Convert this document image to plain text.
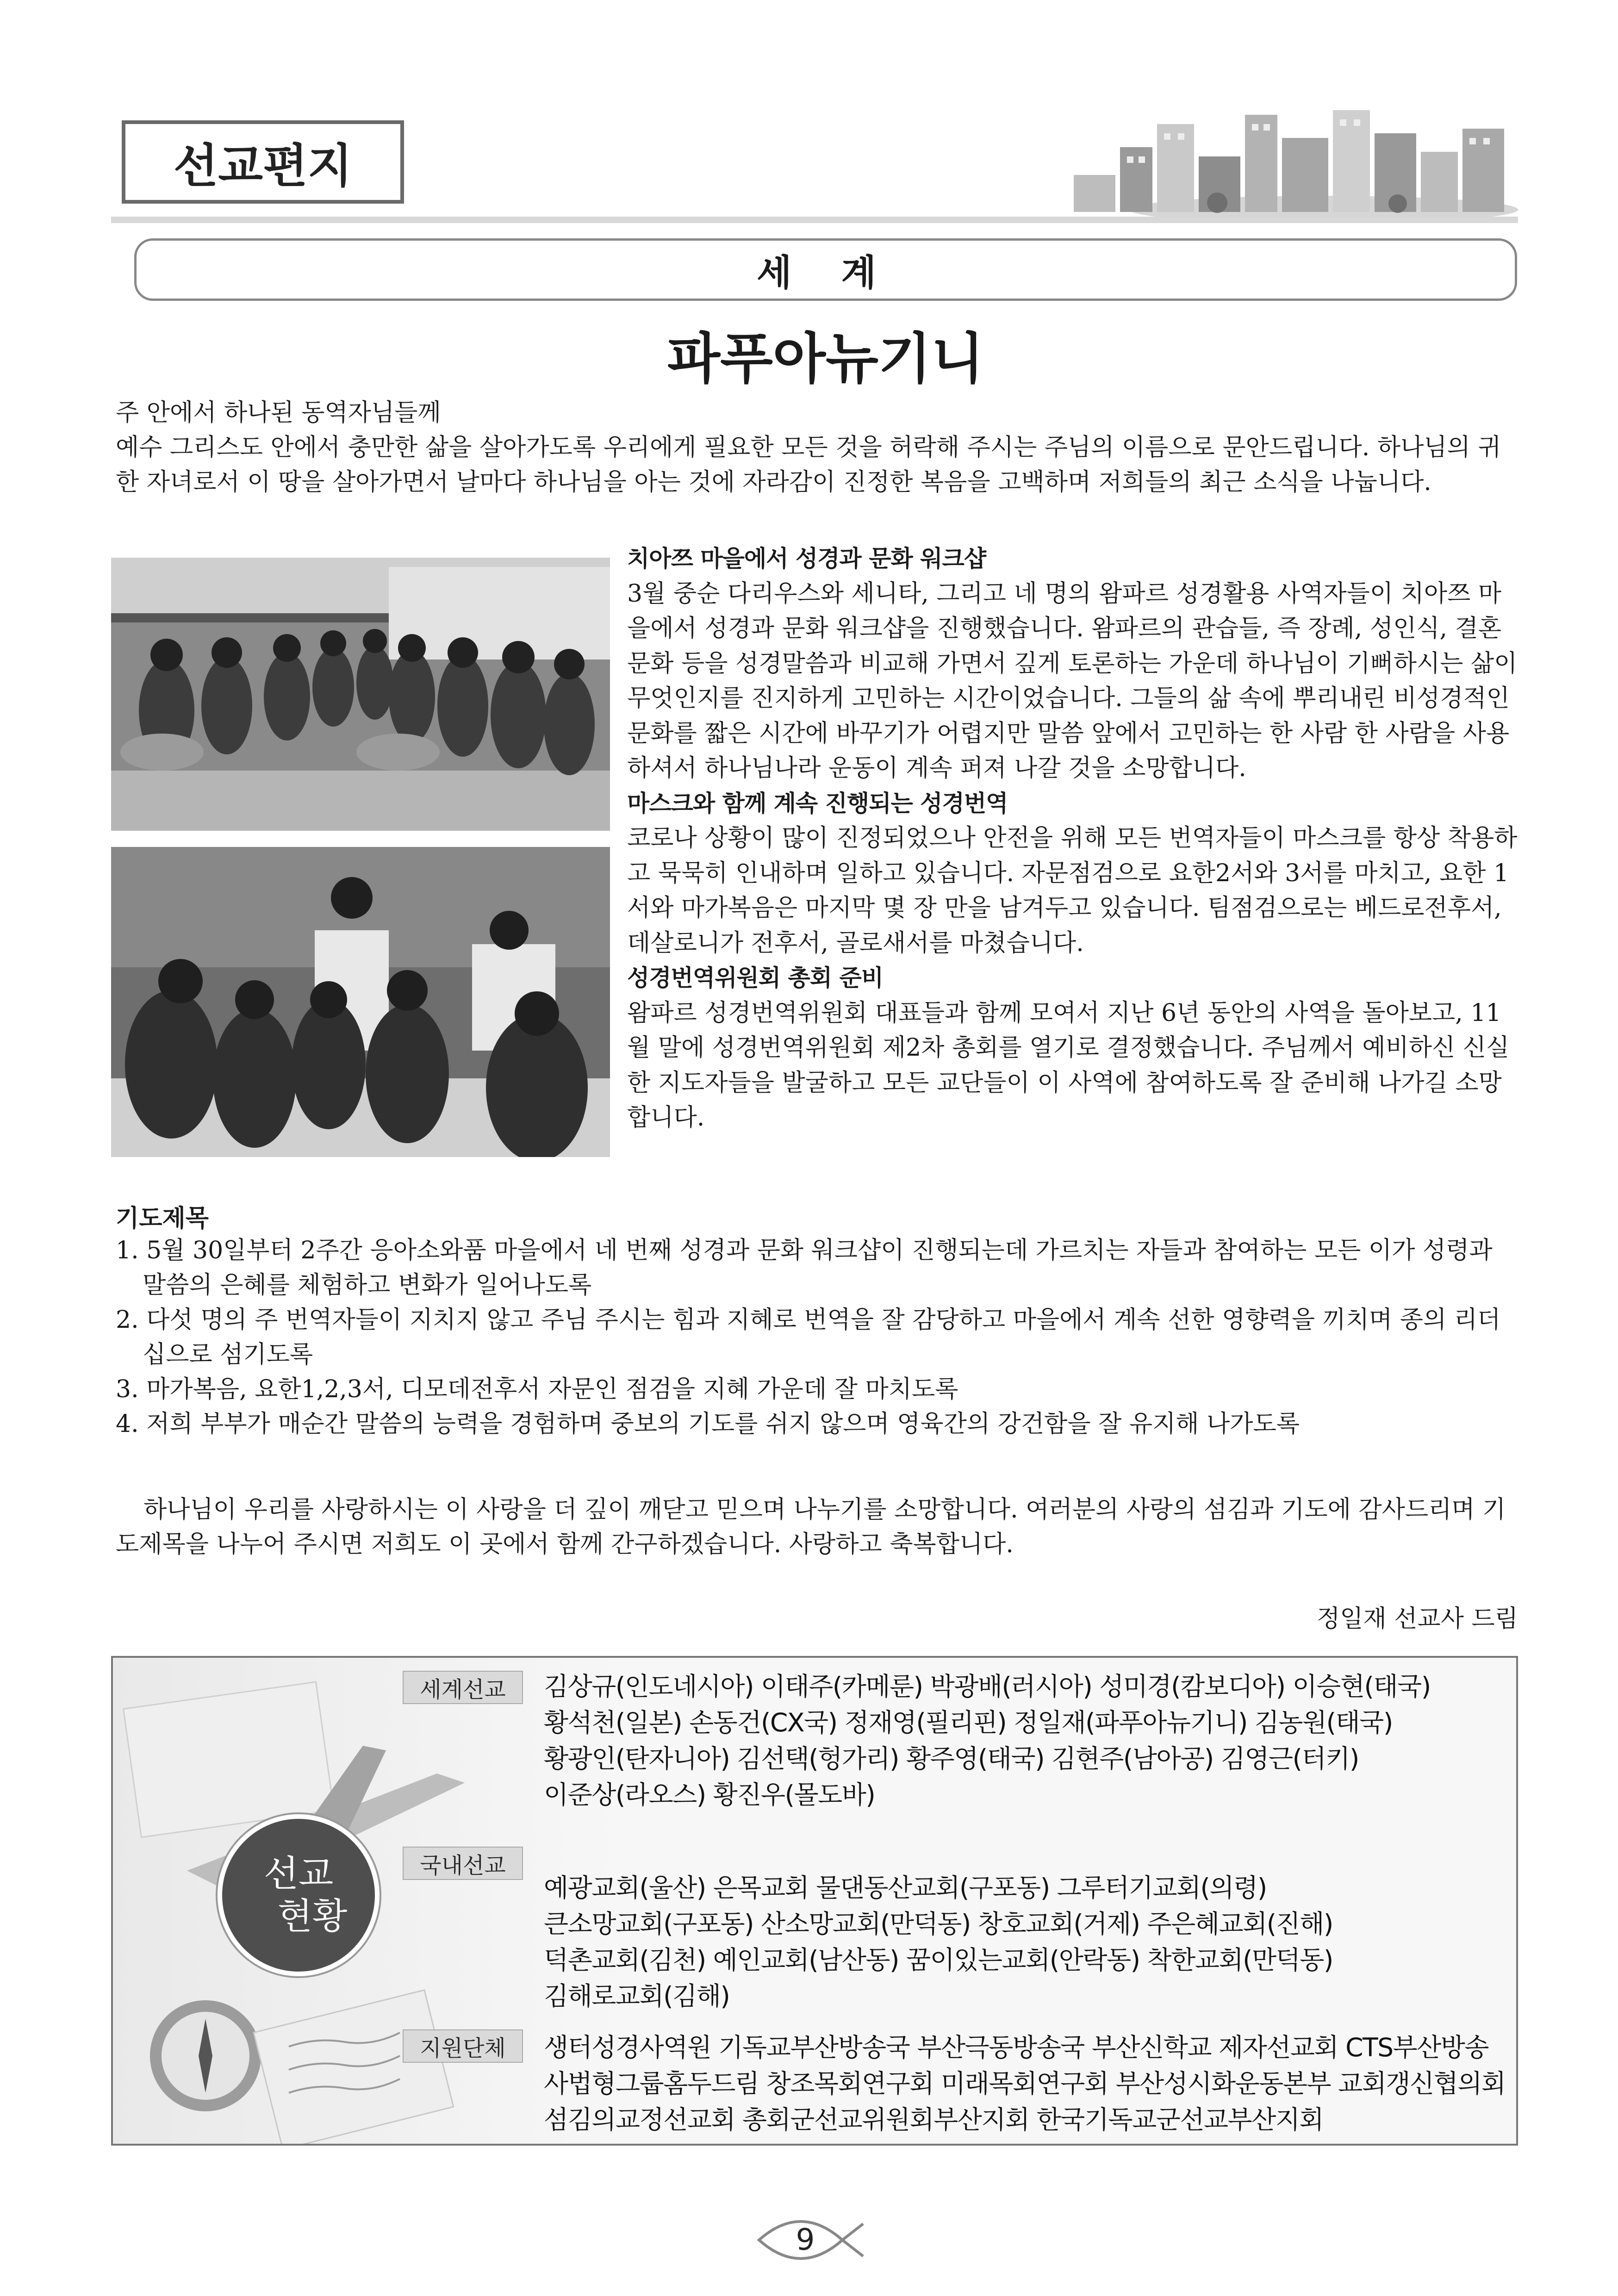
선교편지
세 계
파푸아뉴기니

주 안에서 하나된 동역자님들께

예수 그리스도 안에서 충만한 삶을 살아가도록 우리에게 필요한 모든 것을 허락해 주시는 주님의 이름으로 문안드립니다. 하나님의 귀한 자녀로서 이 땅을 살아가면서 날마다 하나님을 아는 것에 자라감이 진정한 복음을 고백하며 저희들의 최근 소식을 나눕니다.

치아쯔 마을에서 성경과 문화 워크샵

3월 중순 다리우스와 세니타, 그리고 네 명의 왐파르 성경활용 사역자들이 치아쯔 마을에서 성경과 문화 워크샵을 진행했습니다. 왐파르의 관습들, 즉 장례, 성인식, 결혼 문화 등을 성경말씀과 비교해 가면서 깊게 토론하는 가운데 하나님이 기뻐하시는 삶이 무엇인지를 진지하게 고민하는 시간이었습니다. 그들의 삶 속에 뿌리내린 비성경적인 문화를 짧은 시간에 바꾸기가 어렵지만 말씀 앞에서 고민하는 한 사람 한 사람을 사용하셔서 하나님나라 운동이 계속 퍼져 나갈 것을 소망합니다.

마스크와 함께 계속 진행되는 성경번역

코로나 상황이 많이 진정되었으나 안전을 위해 모든 번역자들이 마스크를 항상 착용하고 묵묵히 인내하며 일하고 있습니다. 자문점검으로 요한2서와 3서를 마치고, 요한 1서와 마가복음은 마지막 몇 장 만을 남겨두고 있습니다. 팀점검으로는 베드로전후서, 데살로니가 전후서, 골로새서를 마쳤습니다.

성경번역위원회 총회 준비

왐파르 성경번역위원회 대표들과 함께 모여서 지난 6년 동안의 사역을 돌아보고, 11월 말에 성경번역위원회 제2차 총회를 열기로 결정했습니다. 주님께서 예비하신 신실한 지도자들을 발굴하고 모든 교단들이 이 사역에 참여하도록 잘 준비해 나가길 소망합니다.

기도제목
1. 5월 30일부터 2주간 응아소와품 마을에서 네 번째 성경과 문화 워크샵이 진행되는데 가르치는 자들과 참여하는 모든 이가 성령과 말씀의 은혜를 체험하고 변화가 일어나도록
2. 다섯 명의 주 번역자들이 지치지 않고 주님 주시는 힘과 지혜로 번역을 잘 감당하고 마을에서 계속 선한 영향력을 끼치며 종의 리더십으로 섬기도록
3. 마가복음, 요한1,2,3서, 디모데전후서 자문인 점검을 지혜 가운데 잘 마치도록
4. 저희 부부가 매순간 말씀의 능력을 경험하며 중보의 기도를 쉬지 않으며 영육간의 강건함을 잘 유지해 나가도록

하나님이 우리를 사랑하시는 이 사랑을 더 깊이 깨닫고 믿으며 나누기를 소망합니다. 여러분의 사랑의 섬김과 기도에 감사드리며 기도제목을 나누어 주시면 저희도 이 곳에서 함께 간구하겠습니다. 사랑하고 축복합니다.

정일재 선교사 드림
선교
현황
세계선교	김상규(인도네시아) 이태주(카메룬) 박광배(러시아) 성미경(캄보디아) 이승현(태국)
황석천(일본) 손동건(CX국) 정재영(필리핀) 정일재(파푸아뉴기니) 김농원(태국)
황광인(탄자니아) 김선택(헝가리) 황주영(태국) 김현주(남아공) 김영근(터키)
이준상(라오스) 황진우(몰도바)
국내선교
예광교회(울산) 은목교회 물댄동산교회(구포동) 그루터기교회(의령)
큰소망교회(구포동) 산소망교회(만덕동) 창호교회(거제) 주은혜교회(진해)
덕촌교회(김천) 예인교회(남산동) 꿈이있는교회(안락동) 착한교회(만덕동)
김해로교회(김해)
지원단체	생터성경사역원 기독교부산방송국 부산극동방송국 부산신학교 제자선교회 CTS부산방송
사법형그룹홈두드림 창조목회연구회 미래목회연구회 부산성시화운동본부 교회갱신협의회
섬김의교정선교회 총회군선교위원회부산지회 한국기독교군선교부산지회
9
